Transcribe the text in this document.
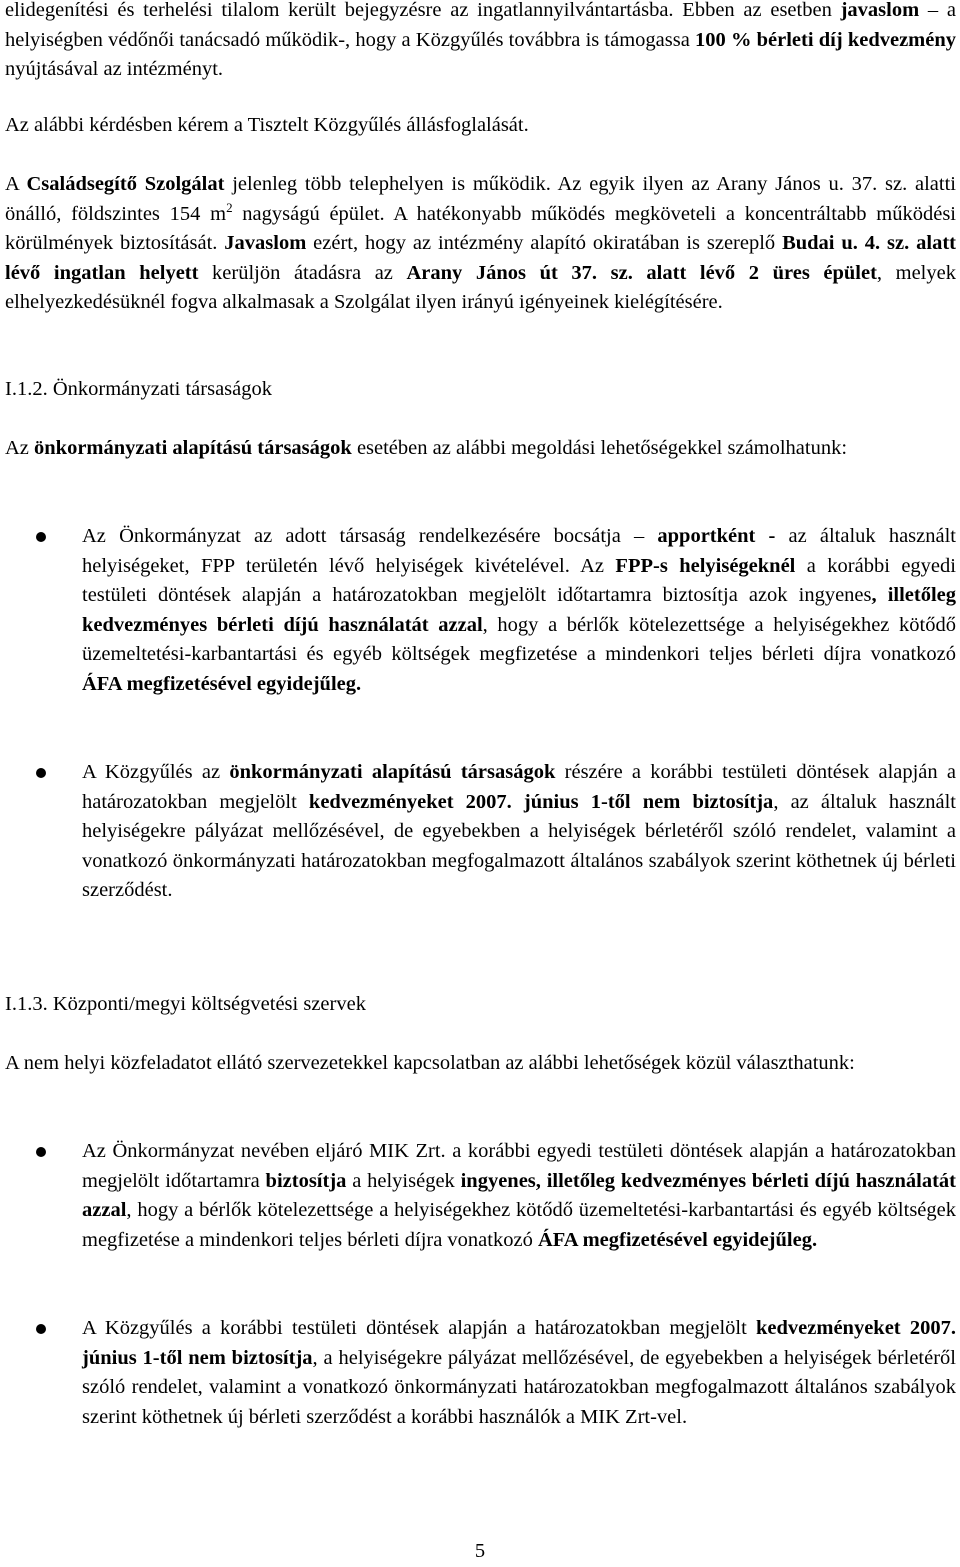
elidegenítési és terhelési tilalom került bejegyzésre az ingatlannyilvántartásba. Ebben az esetben javaslom – a helyiségben védőnői tanácsadó működik-, hogy a Közgyűlés továbbra is támogassa 100 % bérleti díj kedvezmény nyújtásával az intézményt.

Az alábbi kérdésben kérem a Tisztelt Közgyűlés állásfoglalását.

A Családsegítő Szolgálat jelenleg több telephelyen is működik. Az egyik ilyen az Arany János u. 37. sz. alatti önálló, földszintes 154 $m^2$ nagyságú épület. A hatékonyabb működés megköveteli a koncentráltabb működési körülmények biztosítását. Javaslom ezért, hogy az intézmény alapító okiratában is szereplő Budai u. 4. sz. alatt lévő ingatlan helyett kerüljön átadásra az Arany János út 37. sz. alatt lévő 2 üres épület, melyek elhelyezkedésüknél fogva alkalmasak a Szolgálat ilyen irányú igényeinek kielégítésére.

I.1.2. Önkormányzati társaságok

Az önkormányzati alapítású társaságok esetében az alábbi megoldási lehetőségekkel számolhatunk:

Az Önkormányzat az adott társaság rendelkezésére bocsátja – apportként - az általuk használt helyiségeket, FPP területén lévő helyiségek kivételével. Az FPP-s helyiségeknél a korábbi egyedi testületi döntések alapján a határozatokban megjelölt időtartamra biztosítja azok ingyenes, illetőleg kedvezményes bérleti díjú használatát azzal, hogy a bérlők kötelezettsége a helyiségekhez kötődő üzemeltetési-karbantartási és egyéb költségek megfizetése a mindenkori teljes bérleti díjra vonatkozó ÁFA megfizetésével egyidejűleg.

A Közgyűlés az önkormányzati alapítású társaságok részére a korábbi testületi döntések alapján a határozatokban megjelölt kedvezményeket 2007. június 1-től nem biztosítja, az általuk használt helyiségekre pályázat mellőzésével, de egyebekben a helyiségek bérletéről szóló rendelet, valamint a vonatkozó önkormányzati határozatokban megfogalmazott általános szabályok szerint köthetnek új bérleti szerződést.

I.1.3. Központi/megyi költségvetési szervek

A nem helyi közfeladatot ellátó szervezetekkel kapcsolatban az alábbi lehetőségek közül választhatunk:

Az Önkormányzat nevében eljáró MIK Zrt. a korábbi egyedi testületi döntések alapján a határozatokban megjelölt időtartamra biztosítja a helyiségek ingyenes, illetőleg kedvezményes bérleti díjú használatát azzal, hogy a bérlők kötelezettsége a helyiségekhez kötődő üzemeltetési-karbantartási és egyéb költségek megfizetése a mindenkori teljes bérleti díjra vonatkozó ÁFA megfizetésével egyidejűleg.

A Közgyűlés a korábbi testületi döntések alapján a határozatokban megjelölt kedvezményeket 2007. június 1-től nem biztosítja, a helyiségekre pályázat mellőzésével, de egyebekben a helyiségek bérletéről szóló rendelet, valamint a vonatkozó önkormányzati határozatokban megfogalmazott általános szabályok szerint köthetnek új bérleti szerződést a korábbi használók a MIK Zrt-vel.

5
